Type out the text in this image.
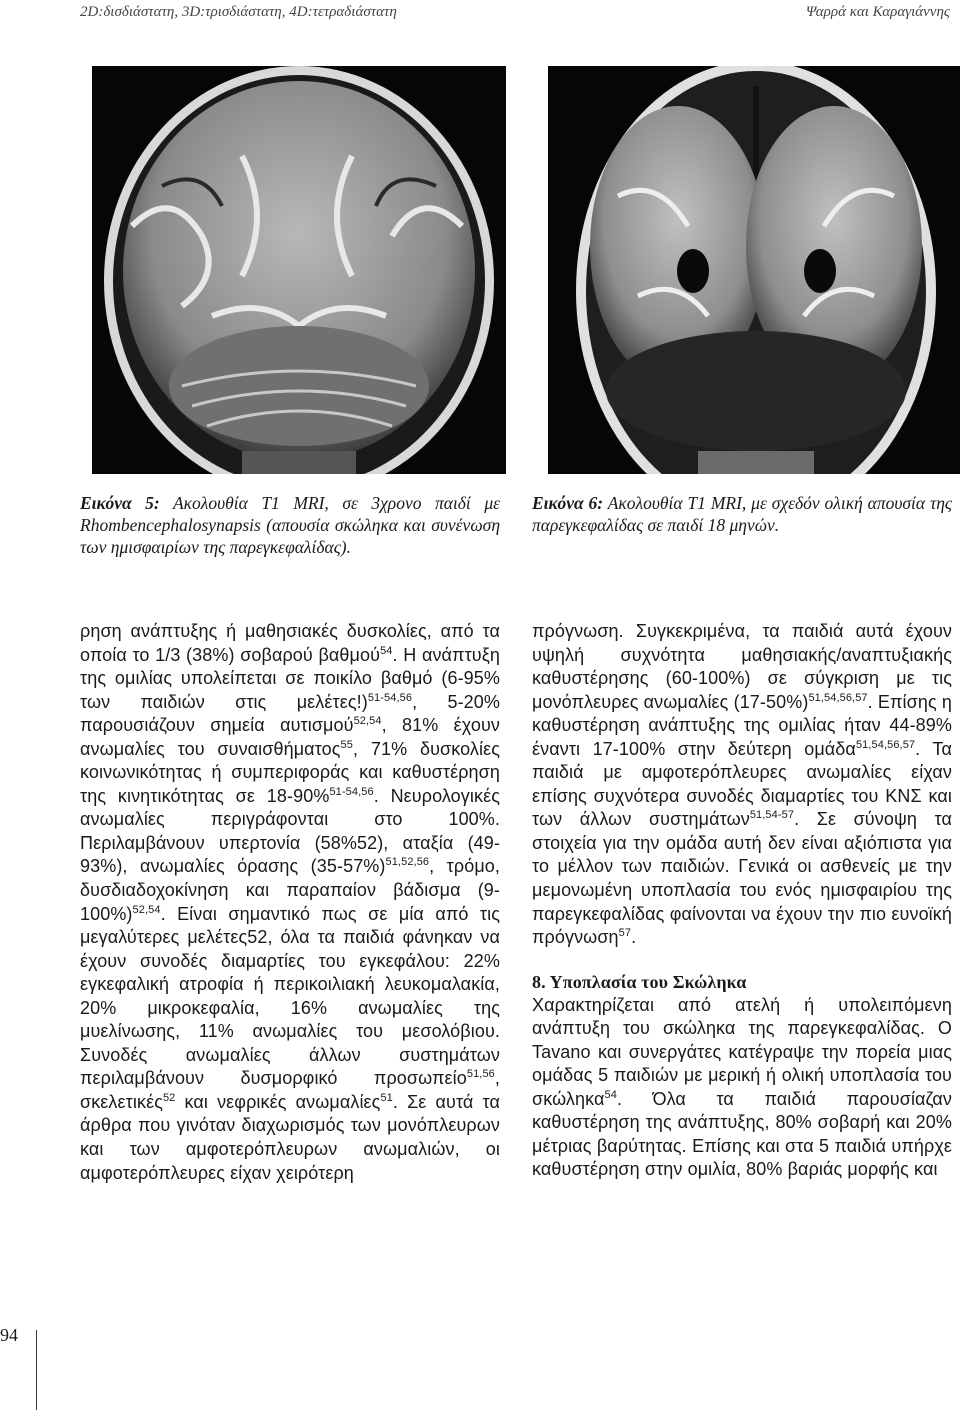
2D:δισδιάστατη, 3D:τρισδιάστατη, 4D:τετραδιάστατη	Ψαρρά και Καραγιάννης
Εικόνα 5: Ακολουθία T1 MRI, σε 3χρονο παιδί με Rhombencephalosynapsis (απουσία σκώληκα και συνένωση των ημισφαιρίων της παρεγκεφαλίδας).
Εικόνα 6: Ακολουθία T1 MRI, με σχεδόν ολική απουσία της παρεγκεφαλίδας σε παιδί 18 μηνών.

ρηση ανάπτυξης ή μαθησιακές δυσκολίες, από τα οποία το 1/3 (38%) σοβαρού βαθμού$^{54}$. Η ανάπτυξη της ομιλίας υπολείπεται σε ποικίλο βαθμό (6-95% των παιδιών στις μελέτες!)$^{51-54,56}$, 5-20% παρουσιάζουν σημεία αυτισμού$^{52,54}$, 81% έχουν ανωμαλίες του συναισθήματος$^{55}$, 71% δυσκολίες κοινωνικότητας ή συμπεριφοράς και καθυστέρηση της κινητικότητας σε 18-90%$^{51-54,56}$. Νευρολογικές ανωμαλίες περιγράφονται στο 100%. Περιλαμβάνουν υπερτονία (58%52), αταξία (49-93%), ανωμαλίες όρασης $(35-57\%)^{51,52,56}$, τρόμο, δυσδιαδοχοκίνηση και παραπαίον βάδισμα $(9-100\%)^{52,54}$. Είναι σημαντικό πως σε μία από τις μεγαλύτερες μελέτες52, όλα τα παιδιά φάνηκαν να έχουν συνοδές διαμαρτίες του εγκεφάλου: 22% εγκεφαλική ατροφία ή περικοιλιακή λευκομαλακία, 20% μικροκεφαλία, 16% ανωμαλίες της μυελίνωσης, 11% ανωμαλίες του μεσολόβιου. Συνοδές ανωμαλίες άλλων συστημάτων περιλαμβάνουν δυσμορφικό προσωπείο$^{51,56}$, σκελετικές$^{52}$ και νεφρικές ανωμαλίες$^{51}$. Σε αυτά τα άρθρα που γινόταν διαχωρισμός των μονόπλευρων και των αμφοτερόπλευρων ανωμαλιών, οι αμφοτερόπλευρες είχαν χειρότερη

πρόγνωση. Συγκεκριμένα, τα παιδιά αυτά έχουν υψηλή συχνότητα μαθησιακής/αναπτυξιακής καθυστέρησης (60-100%) σε σύγκριση με τις μονόπλευρες ανωμαλίες $(17-50\%)^{51,54,56,57}$. Επίσης η καθυστέρηση ανάπτυξης της ομιλίας ήταν 44-89% έναντι 17-100% στην δεύτερη ομάδα$^{51,54,56,57}$. Τα παιδιά με αμφοτερόπλευρες ανωμαλίες είχαν επίσης συχνότερα συνοδές διαμαρτίες του ΚΝΣ και των άλλων συστημάτων$^{51,54-57}$. Σε σύνοψη τα στοιχεία για την ομάδα αυτή δεν είναι αξιόπιστα για το μέλλον των παιδιών. Γενικά οι ασθενείς με την μεμονωμένη υποπλασία του ενός ημισφαιρίου της παρεγκεφαλίδας φαίνονται να έχουν την πιο ευνοϊκή πρόγνωση$^{57}$.

8. Υποπλασία του Σκώληκα

Χαρακτηρίζεται από ατελή ή υπολειπόμενη ανάπτυξη του σκώληκα της παρεγκεφαλίδας. Ο Tavano και συνεργάτες κατέγραψε την πορεία μιας ομάδας 5 παιδιών με μερική ή ολική υποπλασία του σκώληκα$^{54}$. Όλα τα παιδιά παρουσίαζαν καθυστέρηση της ανάπτυξης, 80% σοβαρή και 20% μέτριας βαρύτητας. Επίσης και στα 5 παιδιά υπήρχε καθυστέρηση στην ομιλία, 80% βαριάς μορφής και

94
